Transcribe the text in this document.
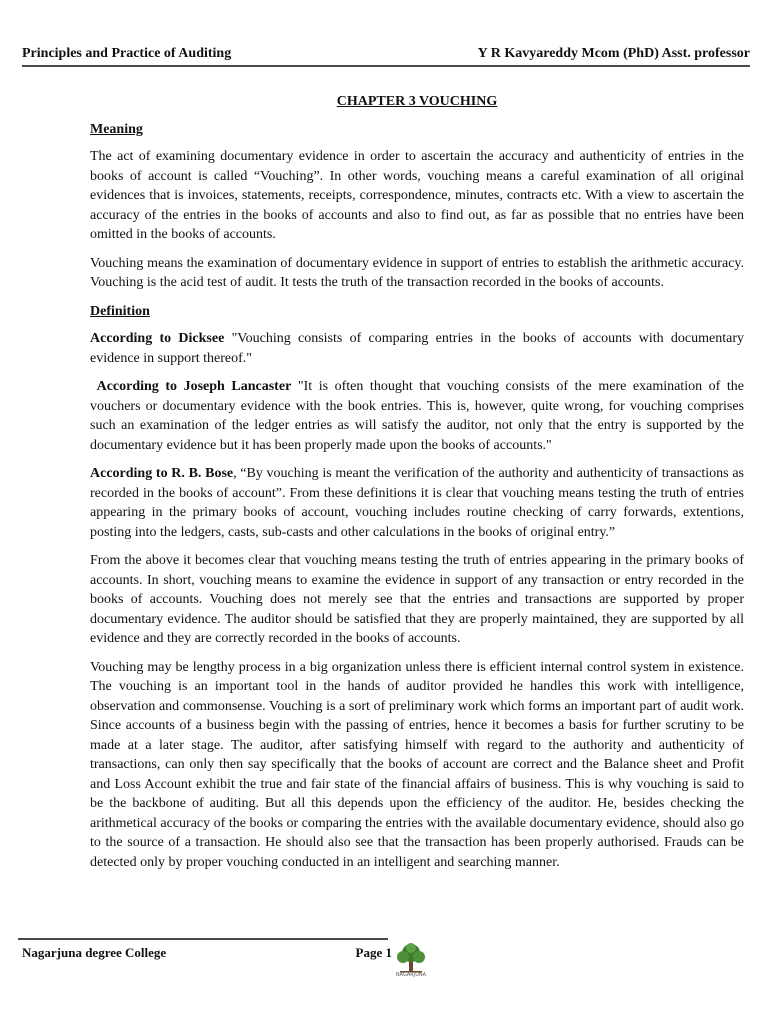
Principles and Practice of Auditing	Y R Kavyareddy Mcom (PhD) Asst. professor
CHAPTER 3 VOUCHING
Meaning

The act of examining documentary evidence in order to ascertain the accuracy and authenticity of entries in the books of account is called “Vouching”. In other words, vouching means a careful examination of all original evidences that is invoices, statements, receipts, correspondence, minutes, contracts etc. With a view to ascertain the accuracy of the entries in the books of accounts and also to find out, as far as possible that no entries have been omitted in the books of accounts.

Vouching means the examination of documentary evidence in support of entries to establish the arithmetic accuracy. Vouching is the acid test of audit. It tests the truth of the transaction recorded in the books of accounts.

Definition

According to Dicksee "Vouching consists of comparing entries in the books of accounts with documentary evidence in support thereof."

According to Joseph Lancaster "It is often thought that vouching consists of the mere examination of the vouchers or documentary evidence with the book entries. This is, however, quite wrong, for vouching comprises such an examination of the ledger entries as will satisfy the auditor, not only that the entry is supported by the documentary evidence but it has been properly made upon the books of accounts."

According to R. B. Bose, “By vouching is meant the verification of the authority and authenticity of transactions as recorded in the books of account”. From these definitions it is clear that vouching means testing the truth of entries appearing in the primary books of account, vouching includes routine checking of carry forwards, extentions, posting into the ledgers, casts, sub-casts and other calculations in the books of original entry.”

From the above it becomes clear that vouching means testing the truth of entries appearing in the primary books of accounts. In short, vouching means to examine the evidence in support of any transaction or entry recorded in the books of accounts. Vouching does not merely see that the entries and transactions are supported by proper documentary evidence. The auditor should be satisfied that they are properly maintained, they are supported by all evidence and they are correctly recorded in the books of accounts.

Vouching may be lengthy process in a big organization unless there is efficient internal control system in existence. The vouching is an important tool in the hands of auditor provided he handles this work with intelligence, observation and commonsense. Vouching is a sort of preliminary work which forms an important part of audit work. Since accounts of a business begin with the passing of entries, hence it becomes a basis for further scrutiny to be made at a later stage. The auditor, after satisfying himself with regard to the authority and authenticity of transactions, can only then say specifically that the books of account are correct and the Balance sheet and Profit and Loss Account exhibit the true and fair state of the financial affairs of business. This is why vouching is said to be the backbone of auditing. But all this depends upon the efficiency of the auditor. He, besides checking the arithmetical accuracy of the books or comparing the entries with the available documentary evidence, should also go to the source of a transaction. He should also see that the transaction has been properly authorised. Frauds can be detected only by proper vouching conducted in an intelligent and searching manner.

Nagarjuna degree College	Page 1
NAGARJUNA
